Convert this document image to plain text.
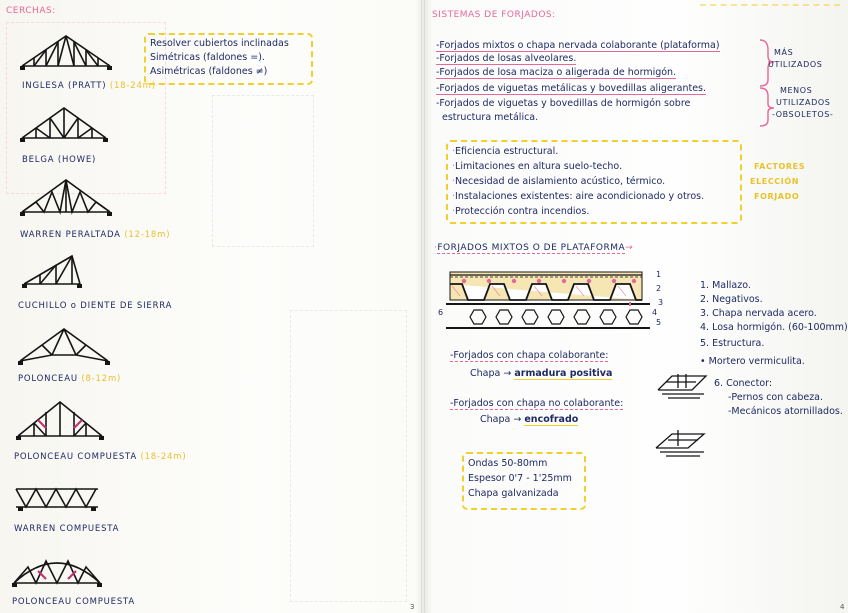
CERCHAS:
INGLESA (PRATT) (18-24m)
Resolver cubiertos inclinadas
Simétricas (faldones =).
Asimétricas (faldones ≠)
BELGA (HOWE)
WARREN PERALTADA (12-18m)
CUCHILLO o DIENTE DE SIERRA
POLONCEAU (8-12m)
POLONCEAU COMPUESTA (18-24m)
WARREN COMPUESTA
POLONCEAU COMPUESTA	3
SISTEMAS DE FORJADOS:
-Forjados mixtos o chapa nervada colaborante (plataforma)
-Forjados de losas alveolares.
-Forjados de losa maciza o aligerada de hormigón.
-Forjados de viguetas metálicas y bovedillas aligerantes.
-Forjados de viguetas y bovedillas de hormigón sobre
estructura metálica.
MÁS
UTILIZADOS
MENOS
UTILIZADOS
-OBSOLETOS-
·Eficiencia estructural.
·Limitaciones en altura suelo-techo.
·Necesidad de aislamiento acústico, térmico.
·Instalaciones existentes: aire acondicionado y otros.
·Protección contra incendios.
FACTORES
ELECCIÓN
FORJADO
·FORJADOS MIXTOS O DE PLATAFORMA→
1
2
3
4
5
6
1. Mallazo.
2. Negativos.
3. Chapa nervada acero.
4. Losa hormigón. (60-100mm)
5. Estructura.
• Mortero vermiculita.
6. Conector:
-Pernos con cabeza.
-Mecánicos atornillados.
-Forjados con chapa colaborante:
Chapa → armadura positiva
-Forjados con chapa no colaborante:
Chapa → encofrado
Ondas 50-80mm
Espesor 0'7 - 1'25mm
Chapa galvanizada
4
